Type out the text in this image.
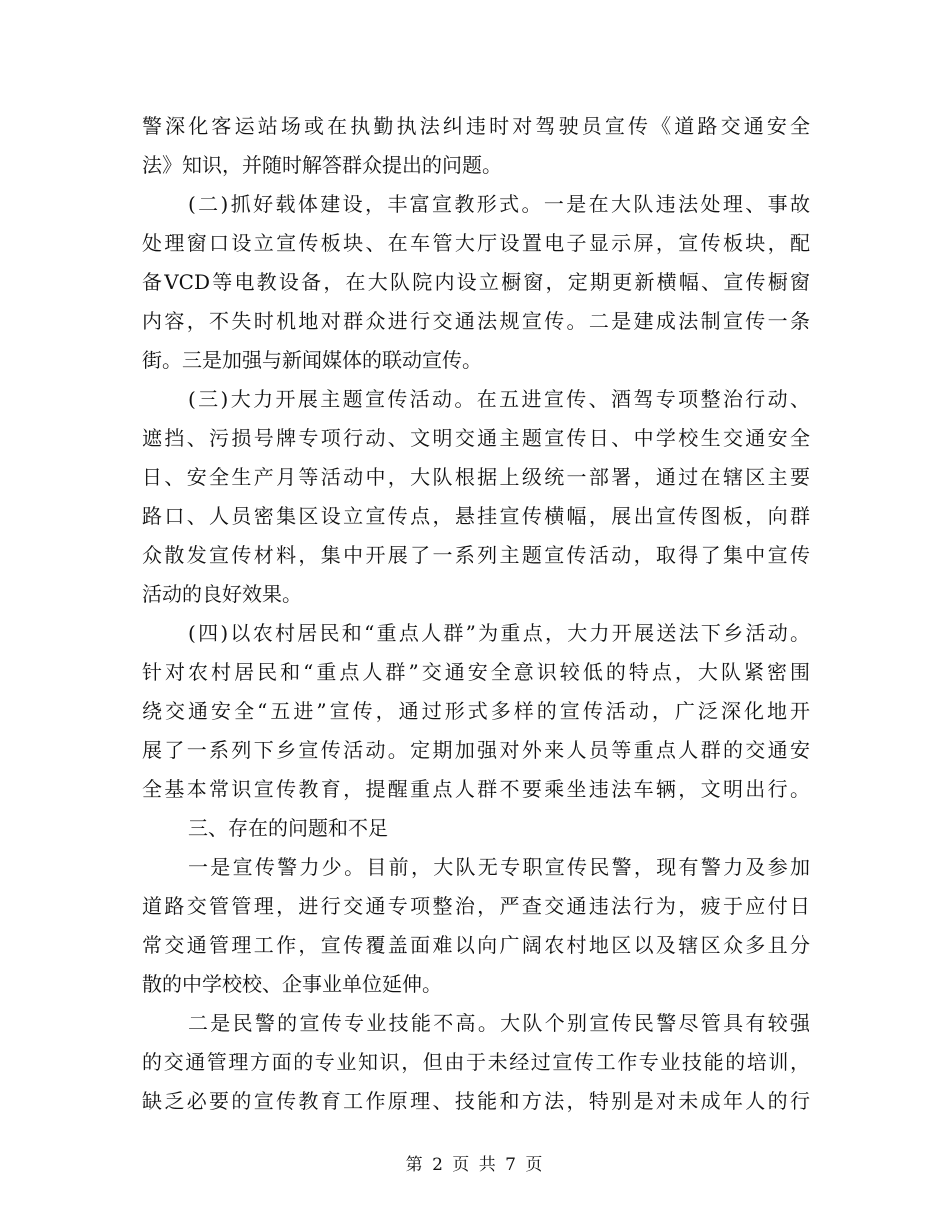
警深化客运站场或在执勤执法纠违时对驾驶员宣传《道路交通安全
法》知识，并随时解答群众提出的问题。
(二)抓好载体建设，丰富宣教形式。一是在大队违法处理、事故
处理窗口设立宣传板块、在车管大厅设置电子显示屏，宣传板块，配
备VCD等电教设备，在大队院内设立橱窗，定期更新横幅、宣传橱窗
内容，不失时机地对群众进行交通法规宣传。二是建成法制宣传一条
街。三是加强与新闻媒体的联动宣传。
(三)大力开展主题宣传活动。在五进宣传、酒驾专项整治行动、
遮挡、污损号牌专项行动、文明交通主题宣传日、中学校生交通安全
日、安全生产月等活动中，大队根据上级统一部署，通过在辖区主要
路口、人员密集区设立宣传点，悬挂宣传横幅，展出宣传图板，向群
众散发宣传材料，集中开展了一系列主题宣传活动，取得了集中宣传
活动的良好效果。
(四)以农村居民和“重点人群”为重点，大力开展送法下乡活动。
针对农村居民和“重点人群”交通安全意识较低的特点，大队紧密围
绕交通安全“五进”宣传，通过形式多样的宣传活动，广泛深化地开
展了一系列下乡宣传活动。定期加强对外来人员等重点人群的交通安
全基本常识宣传教育，提醒重点人群不要乘坐违法车辆，文明出行。
三、存在的问题和不足
一是宣传警力少。目前，大队无专职宣传民警，现有警力及参加
道路交管管理，进行交通专项整治，严查交通违法行为，疲于应付日
常交通管理工作，宣传覆盖面难以向广阔农村地区以及辖区众多且分
散的中学校校、企事业单位延伸。
二是民警的宣传专业技能不高。大队个别宣传民警尽管具有较强
的交通管理方面的专业知识，但由于未经过宣传工作专业技能的培训，
缺乏必要的宣传教育工作原理、技能和方法，特别是对未成年人的行
第 2 页 共 7 页
